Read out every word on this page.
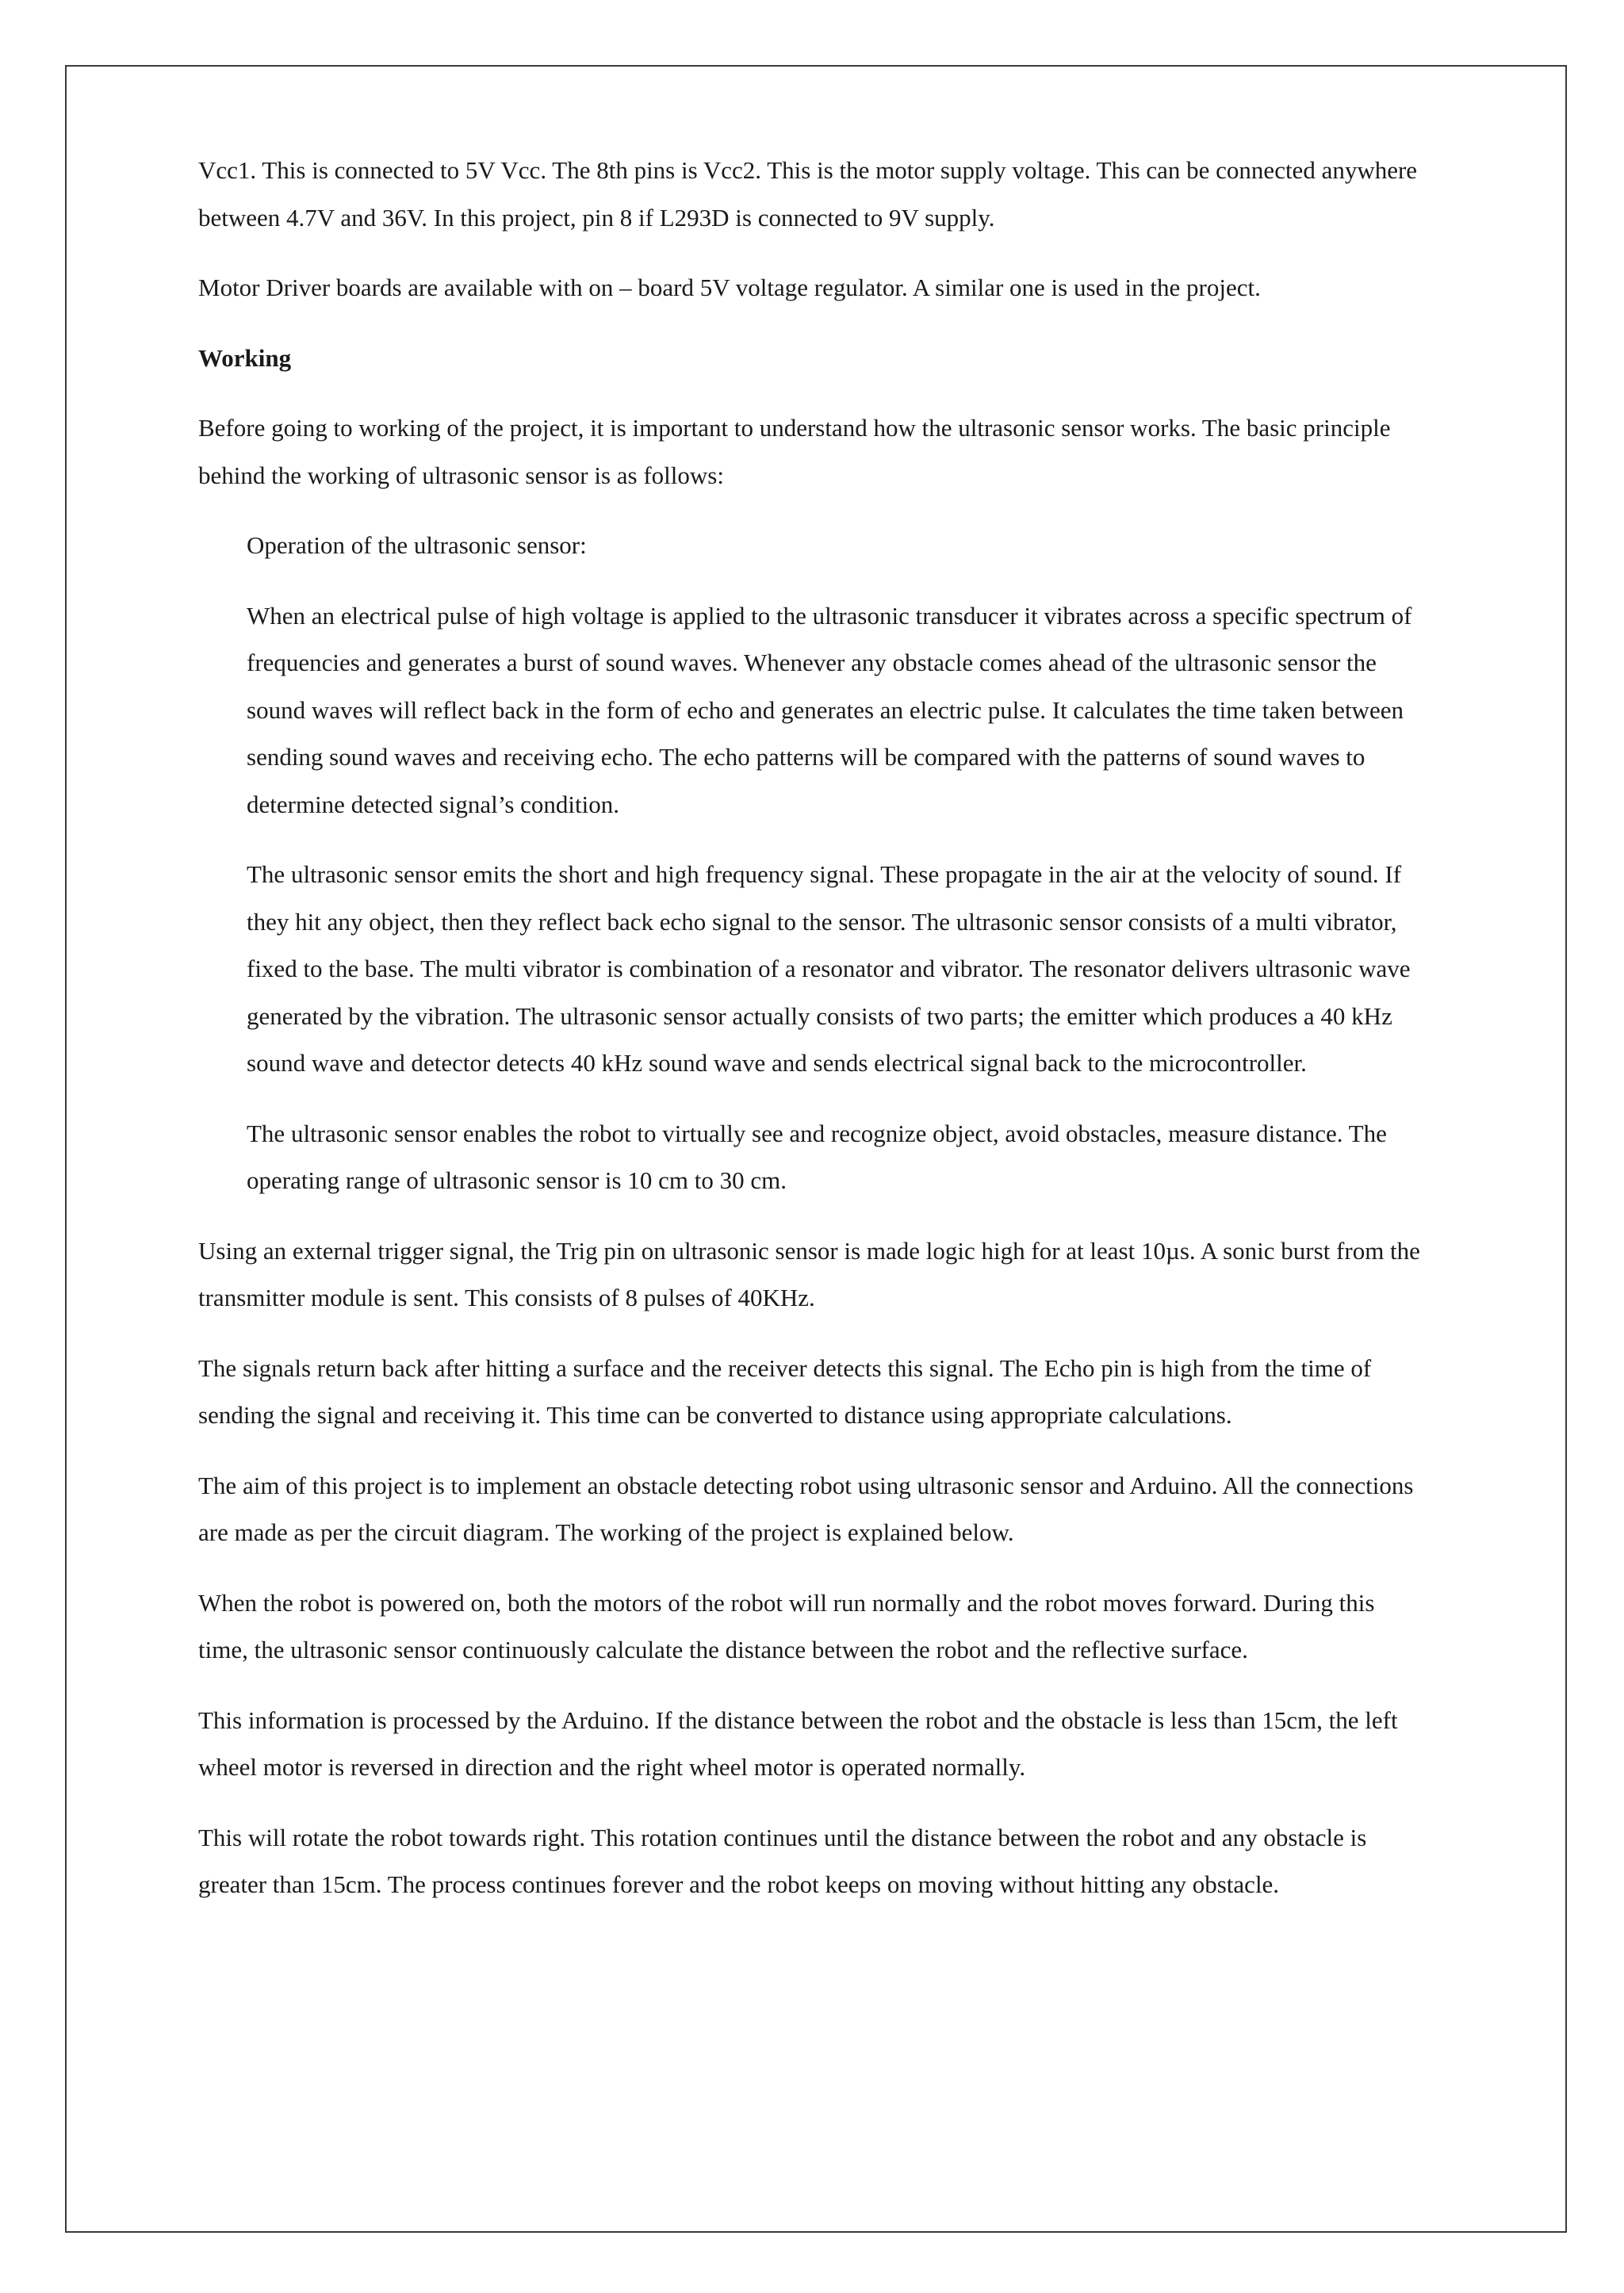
Vcc1. This is connected to 5V Vcc. The 8th pins is Vcc2. This is the motor supply voltage. This can be connected anywhere between 4.7V and 36V. In this project, pin 8 if L293D is connected to 9V supply.

Motor Driver boards are available with on – board 5V voltage regulator. A similar one is used in the project.

Working

Before going to working of the project, it is important to understand how the ultrasonic sensor works. The basic principle behind the working of ultrasonic sensor is as follows:

Operation of the ultrasonic sensor:

When an electrical pulse of high voltage is applied to the ultrasonic transducer it vibrates across a specific spectrum of frequencies and generates a burst of sound waves. Whenever any obstacle comes ahead of the ultrasonic sensor the sound waves will reflect back in the form of echo and generates an electric pulse. It calculates the time taken between sending sound waves and receiving echo. The echo patterns will be compared with the patterns of sound waves to determine detected signal’s condition.

The ultrasonic sensor emits the short and high frequency signal. These propagate in the air at the velocity of sound. If they hit any object, then they reflect back echo signal to the sensor. The ultrasonic sensor consists of a multi vibrator, fixed to the base. The multi vibrator is combination of a resonator and vibrator. The resonator delivers ultrasonic wave generated by the vibration. The ultrasonic sensor actually consists of two parts; the emitter which produces a 40 kHz sound wave and detector detects 40 kHz sound wave and sends electrical signal back to the microcontroller.

The ultrasonic sensor enables the robot to virtually see and recognize object, avoid obstacles, measure distance. The operating range of ultrasonic sensor is 10 cm to 30 cm.

Using an external trigger signal, the Trig pin on ultrasonic sensor is made logic high for at least 10µs. A sonic burst from the transmitter module is sent. This consists of 8 pulses of 40KHz.

The signals return back after hitting a surface and the receiver detects this signal. The Echo pin is high from the time of sending the signal and receiving it. This time can be converted to distance using appropriate calculations.

The aim of this project is to implement an obstacle detecting robot using ultrasonic sensor and Arduino. All the connections are made as per the circuit diagram. The working of the project is explained below.

When the robot is powered on, both the motors of the robot will run normally and the robot moves forward. During this time, the ultrasonic sensor continuously calculate the distance between the robot and the reflective surface.

This information is processed by the Arduino. If the distance between the robot and the obstacle is less than 15cm, the left wheel motor is reversed in direction and the right wheel motor is operated normally.

This will rotate the robot towards right. This rotation continues until the distance between the robot and any obstacle is greater than 15cm. The process continues forever and the robot keeps on moving without hitting any obstacle.
